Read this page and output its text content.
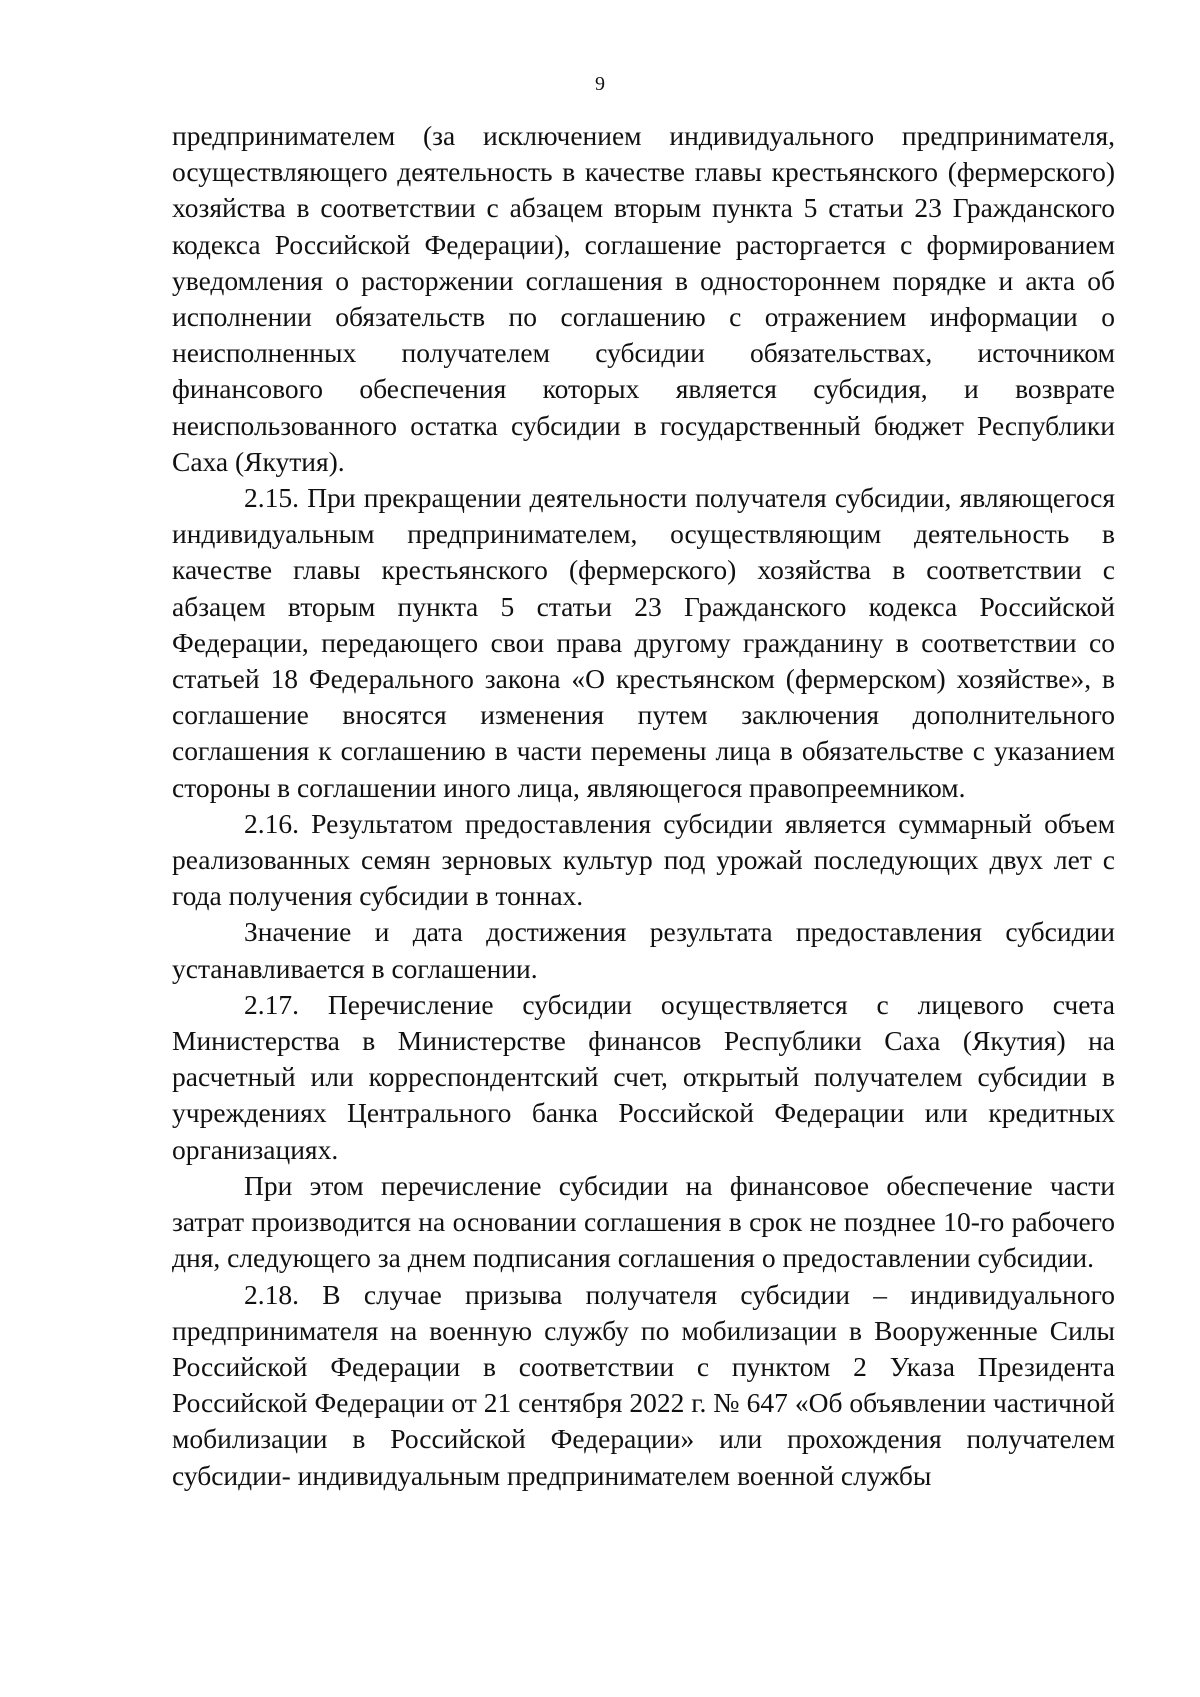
9

предпринимателем (за исключением индивидуального предпринимателя, осуществляющего деятельность в качестве главы крестьянского (фермерского) хозяйства в соответствии с абзацем вторым пункта 5 статьи 23 Гражданского кодекса Российской Федерации), соглашение расторгается с формированием уведомления о расторжении соглашения в одностороннем порядке и акта об исполнении обязательств по соглашению с отражением информации о неисполненных получателем субсидии обязательствах, источником финансового обеспечения которых является субсидия, и возврате неиспользованного остатка субсидии в государственный бюджет Республики Саха (Якутия).

2.15. При прекращении деятельности получателя субсидии, являющегося индивидуальным предпринимателем, осуществляющим деятельность в качестве главы крестьянского (фермерского) хозяйства в соответствии с абзацем вторым пункта 5 статьи 23 Гражданского кодекса Российской Федерации, передающего свои права другому гражданину в соответствии со статьей 18 Федерального закона «О крестьянском (фермерском) хозяйстве», в соглашение вносятся изменения путем заключения дополнительного соглашения к соглашению в части перемены лица в обязательстве с указанием стороны в соглашении иного лица, являющегося правопреемником.

2.16. Результатом предоставления субсидии является суммарный объем реализованных семян зерновых культур под урожай последующих двух лет с года получения субсидии в тоннах.

Значение и дата достижения результата предоставления субсидии устанавливается в соглашении.

2.17. Перечисление субсидии осуществляется с лицевого счета Министерства в Министерстве финансов Республики Саха (Якутия) на расчетный или корреспондентский счет, открытый получателем субсидии в учреждениях Центрального банка Российской Федерации или кредитных организациях.

При этом перечисление субсидии на финансовое обеспечение части затрат производится на основании соглашения в срок не позднее 10-го рабочего дня, следующего за днем подписания соглашения о предоставлении субсидии.

2.18. В случае призыва получателя субсидии – индивидуального предпринимателя на военную службу по мобилизации в Вооруженные Силы Российской Федерации в соответствии с пунктом 2 Указа Президента Российской Федерации от 21 сентября 2022 г. № 647 «Об объявлении частичной мобилизации в Российской Федерации» или прохождения получателем субсидии- индивидуальным предпринимателем военной службы
